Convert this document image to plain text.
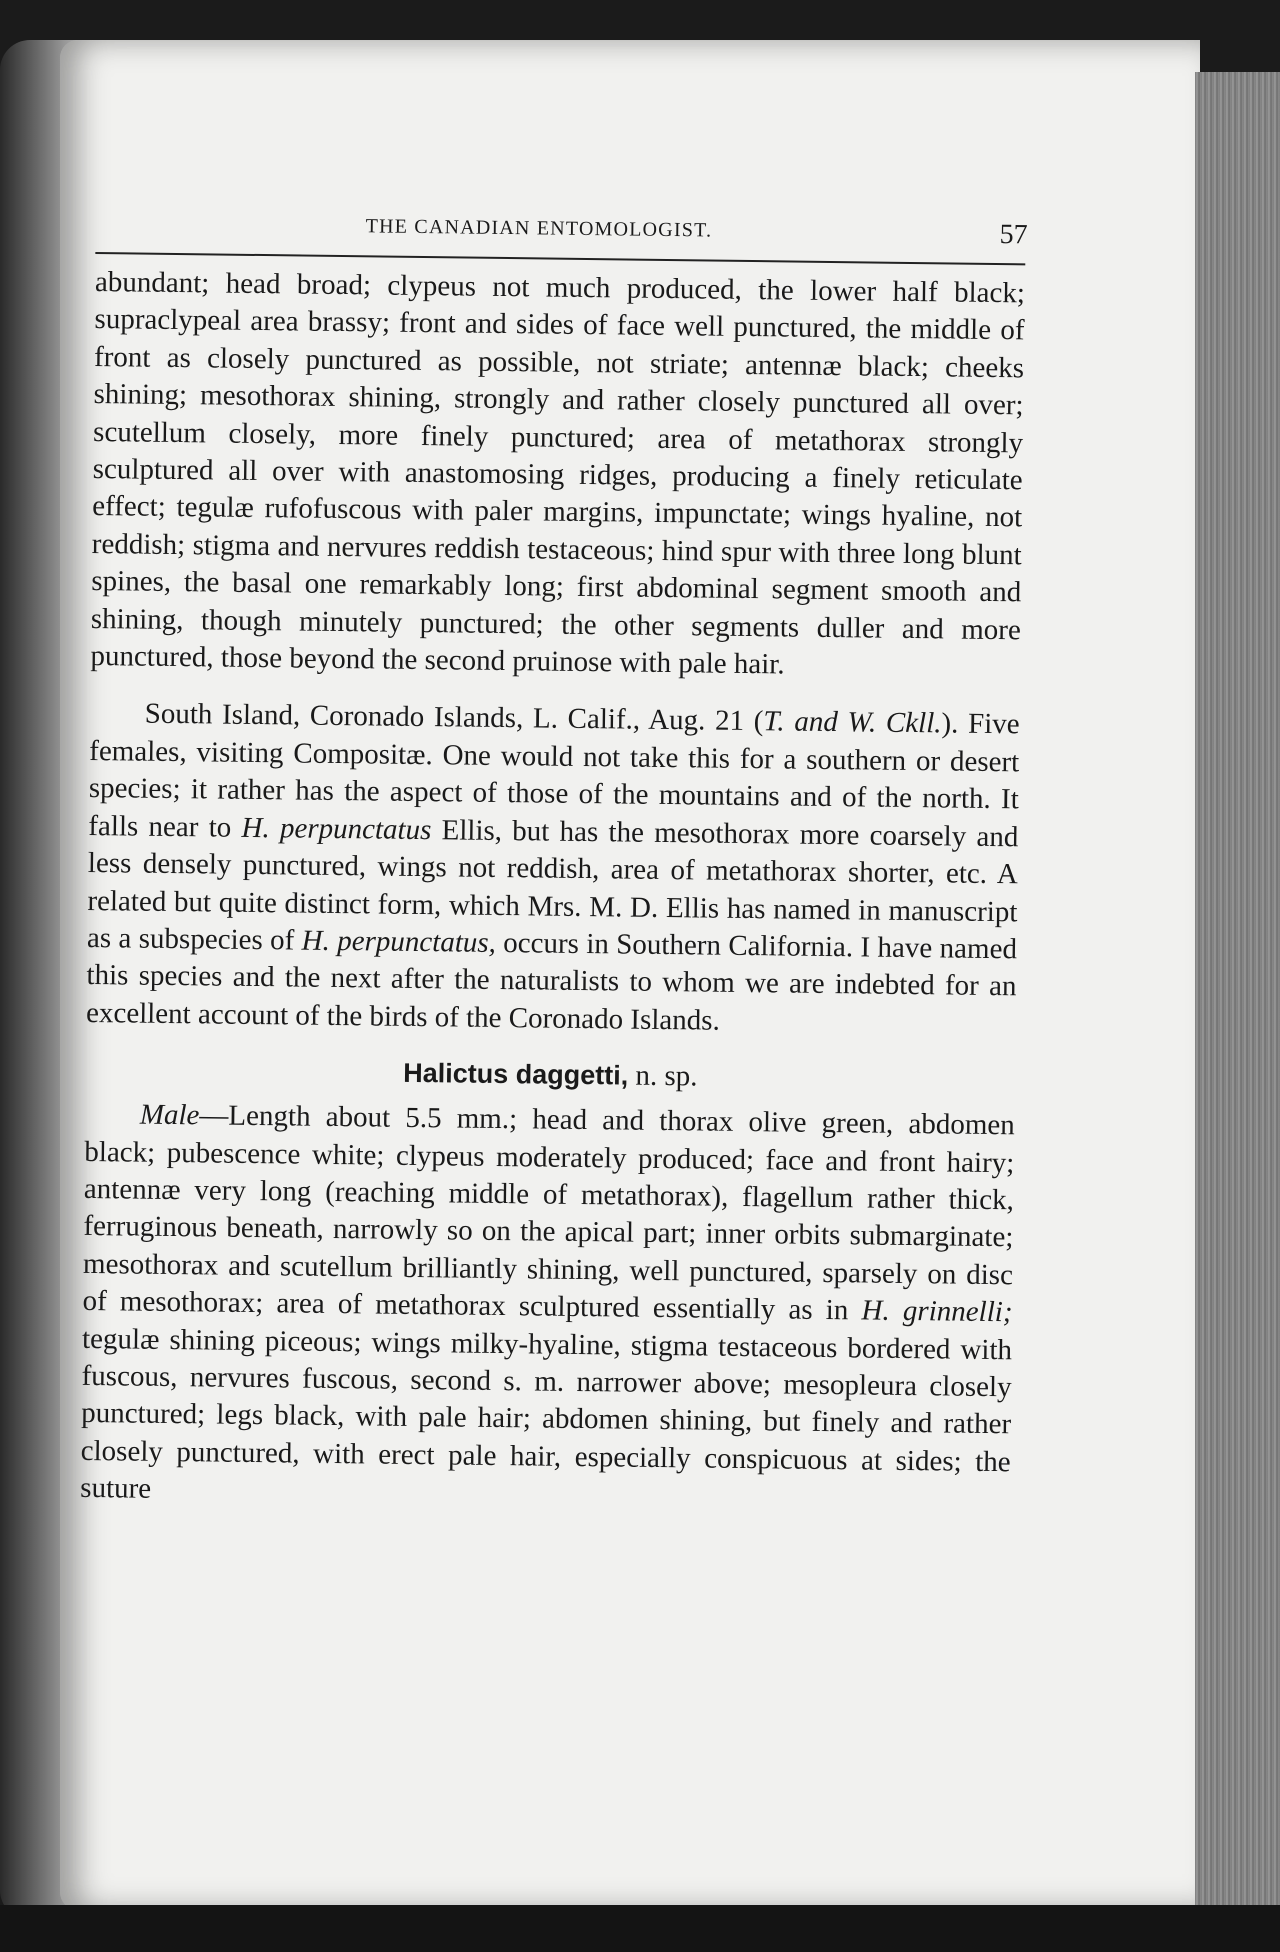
THE CANADIAN ENTOMOLOGIST.	57

abundant; head broad; clypeus not much produced, the lower half black; supraclypeal area brassy; front and sides of face well punctured, the middle of front as closely punctured as possible, not striate; antennæ black; cheeks shining; mesothorax shining, strongly and rather closely punctured all over; scutellum closely, more finely punctured; area of metathorax strongly sculptured all over with anastomosing ridges, producing a finely reticulate effect; tegulæ rufofuscous with paler margins, impunctate; wings hyaline, not reddish; stigma and nervures reddish testaceous; hind spur with three long blunt spines, the basal one remarkably long; first abdominal segment smooth and shining, though minutely punctured; the other segments duller and more punctured, those beyond the second pruinose with pale hair.

South Island, Coronado Islands, L. Calif., Aug. 21 (T. and W. Ckll.). Five females, visiting Compositæ. One would not take this for a southern or desert species; it rather has the aspect of those of the mountains and of the north. It falls near to H. perpunctatus Ellis, but has the mesothorax more coarsely and less densely punctured, wings not reddish, area of metathorax shorter, etc. A related but quite distinct form, which Mrs. M. D. Ellis has named in manuscript as a subspecies of H. perpunctatus, occurs in Southern California. I have named this species and the next after the naturalists to whom we are indebted for an excellent account of the birds of the Coronado Islands.

Halictus daggetti, n. sp.

Male—Length about 5.5 mm.; head and thorax olive green, abdomen black; pubescence white; clypeus moderately produced; face and front hairy; antennæ very long (reaching middle of metathorax), flagellum rather thick, ferruginous beneath, narrowly so on the apical part; inner orbits submarginate; mesothorax and scutellum brilliantly shining, well punctured, sparsely on disc of mesothorax; area of metathorax sculptured essentially as in H. grinnelli; tegulæ shining piceous; wings milky-hyaline, stigma testaceous bordered with fuscous, nervures fuscous, second s. m. narrower above; mesopleura closely punctured; legs black, with pale hair; abdomen shining, but finely and rather closely punctured, with erect pale hair, especially conspicuous at sides; the suture
